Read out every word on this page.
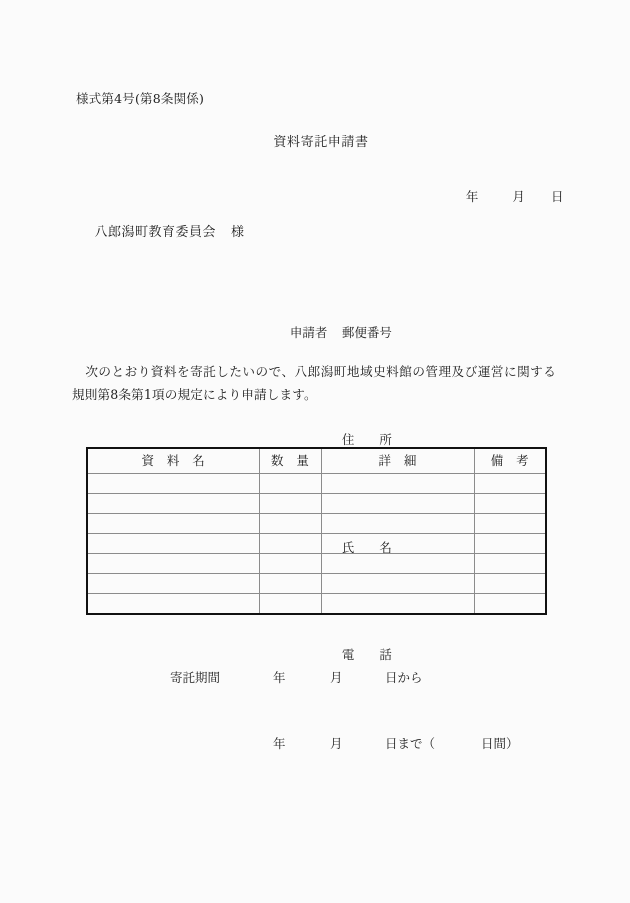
様式第4号(第8条関係)
資料寄託申請書

年	月 日

八郎潟町教育委員会 様

申請者 郵便番号

住　　所

氏　　名

電　　話

次のとおり資料を寄託したいので、八郎潟町地域史料館の管理及び運営に関する規則第8条第1項の規定により申請します。

資　料　名	数　量	詳　細	備　考

寄託期間	年	月	日から

年	月	日まで（	日間）
